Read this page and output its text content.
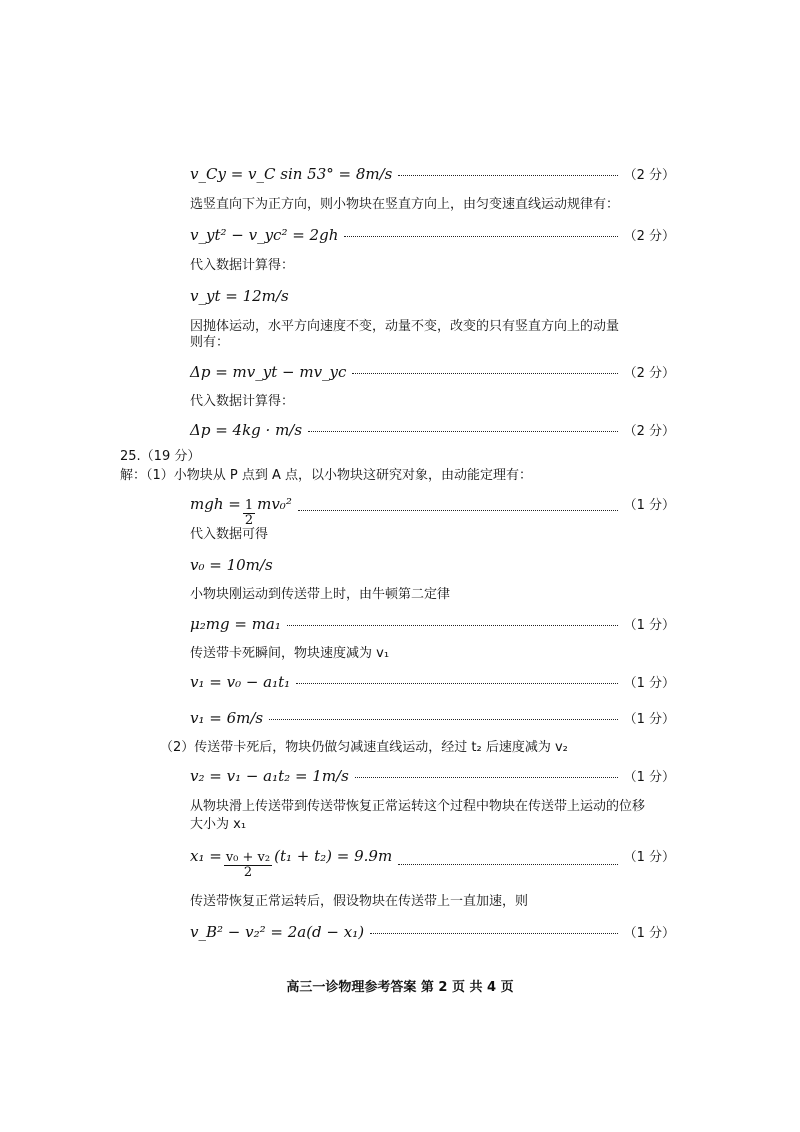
v_Cy = v_C sin 53° = 8m/s	（2 分）
选竖直向下为正方向，则小物块在竖直方向上，由匀变速直线运动规律有：
v_yt² − v_yc² = 2gh	（2 分）
代入数据计算得：
v_yt = 12m/s
因抛体运动，水平方向速度不变，动量不变，改变的只有竖直方向上的动量
则有：
Δp = mv_yt − mv_yc	（2 分）
代入数据计算得：
Δp = 4kg · m/s	（2 分）
25.（19 分）
解：（1）小物块从 P 点到 A 点，以小物块这研究对象，由动能定理有：
mgh = $\frac{1}{2} mv_0^2$	（1 分）
代入数据可得
v₀ = 10m/s
小物块刚运动到传送带上时，由牛顿第二定律
μ₂mg = ma₁	（1 分）
传送带卡死瞬间，物块速度减为 v₁
v₁ = v₀ − a₁t₁	（1 分）
v₁ = 6m/s	（1 分）
（2）传送带卡死后，物块仍做匀减速直线运动，经过 t₂ 后速度减为 v₂
v₂ = v₁ − a₁t₂ = 1m/s	（1 分）
从物块滑上传送带到传送带恢复正常运转这个过程中物块在传送带上运动的位移
大小为 x₁
$x_1 = \frac{\text{v₀ + v₂}}{2} (t_1 + t_2) = 9.9m$	（1 分）
传送带恢复正常运转后，假设物块在传送带上一直加速，则
v_B² − v₂² = 2a(d − x₁)	（1 分）
高三一诊物理参考答案 第 2 页 共 4 页
